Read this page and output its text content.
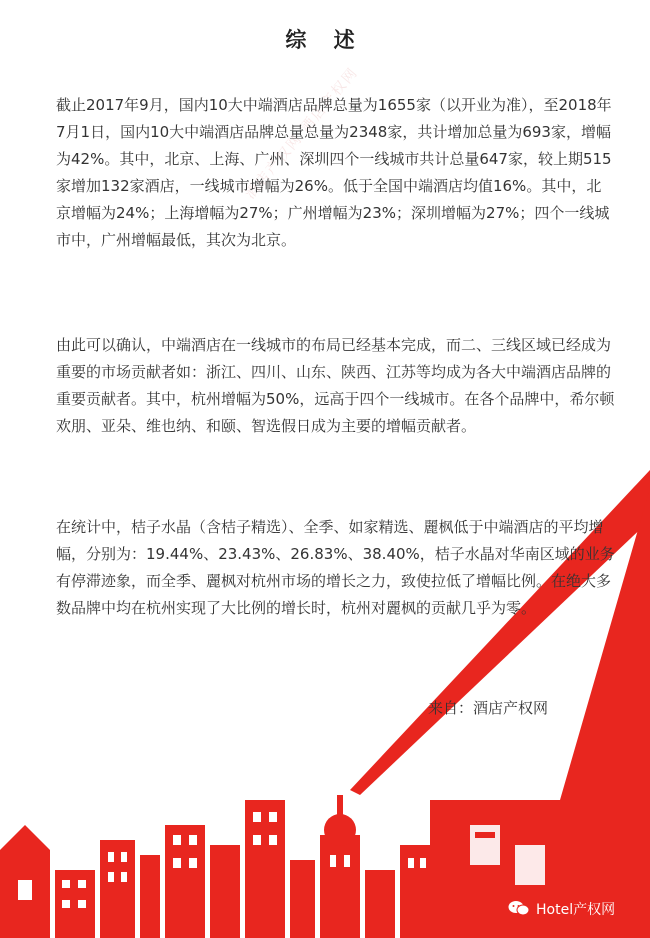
综 述
酒店产权网 酒店产权网

截止2017年9月，国内10大中端酒店品牌总量为1655家（以开业为准），至2018年7月1日，国内10大中端酒店品牌总量总量为2348家，共计增加总量为693家，增幅为42%。其中，北京、上海、广州、深圳四个一线城市共计总量647家，较上期515家增加132家酒店，一线城市增幅为26%。低于全国中端酒店均值16%。其中，北京增幅为24%；上海增幅为27%；广州增幅为23%；深圳增幅为27%；四个一线城市中，广州增幅最低，其次为北京。

由此可以确认，中端酒店在一线城市的布局已经基本完成，而二、三线区域已经成为重要的市场贡献者如：浙江、四川、山东、陕西、江苏等均成为各大中端酒店品牌的重要贡献者。其中，杭州增幅为50%，远高于四个一线城市。在各个品牌中，希尔顿欢朋、亚朵、维也纳、和颐、智选假日成为主要的增幅贡献者。

在统计中，桔子水晶（含桔子精选）、全季、如家精选、麗枫低于中端酒店的平均增幅，分别为：19.44%、23.43%、26.83%、38.40%，桔子水晶对华南区域的业务有停滞迹象，而全季、麗枫对杭州市场的增长之力，致使拉低了增幅比例。在绝大多数品牌中均在杭州实现了大比例的增长时，杭州对麗枫的贡献几乎为零。

来自：酒店产权网
Hotel产权网
